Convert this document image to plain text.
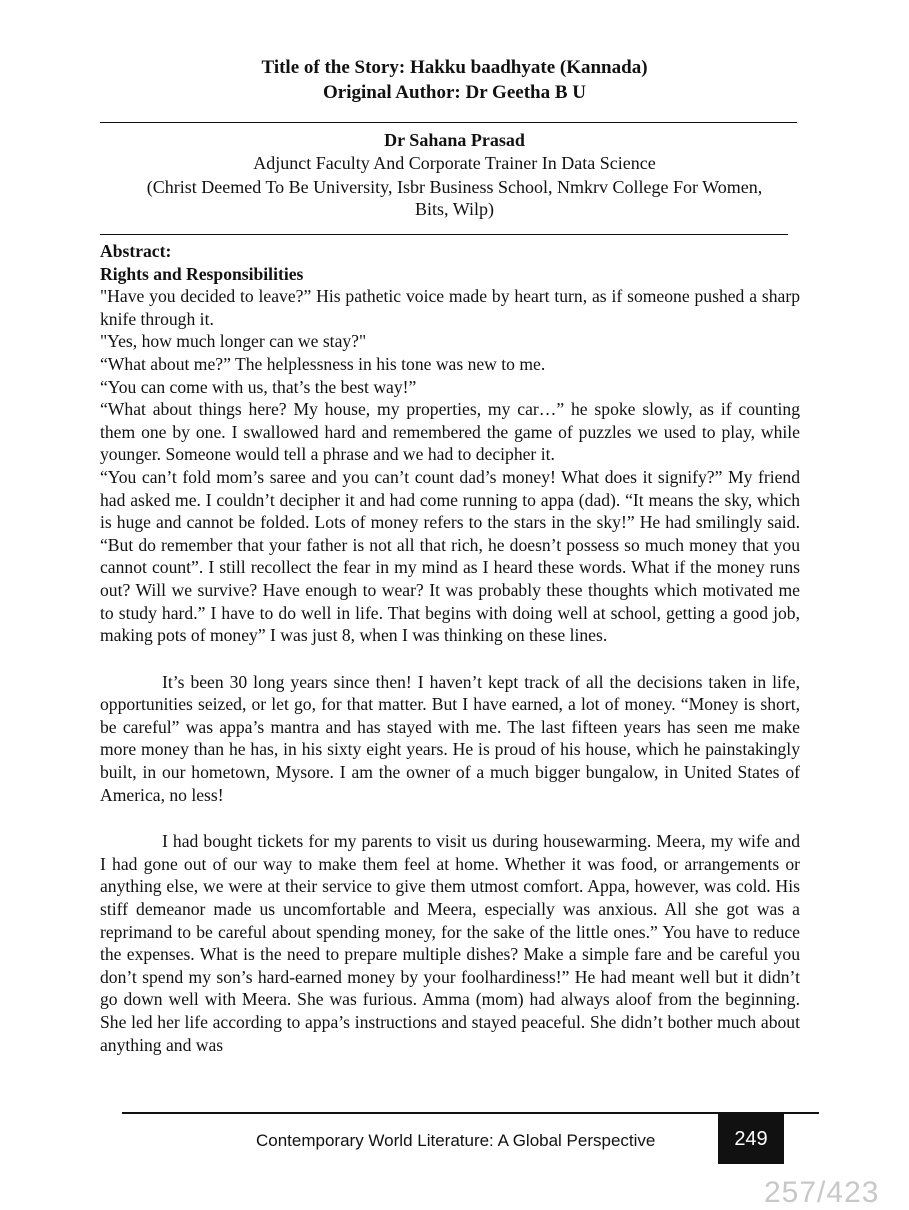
Title of the Story: Hakku baadhyate (Kannada)
Original Author: Dr Geetha B U
Dr Sahana Prasad
Adjunct Faculty And Corporate Trainer In Data Science
(Christ Deemed To Be University, Isbr Business School, Nmkrv College For Women,
Bits, Wilp)

Abstract:

Rights and Responsibilities

"Have you decided to leave?” His pathetic voice made by heart turn, as if someone pushed a sharp knife through it.

"Yes, how much longer can we stay?"

“What about me?” The helplessness in his tone was new to me.

“You can come with us, that’s the best way!”

“What about things here? My house, my properties, my car…” he spoke slowly, as if counting them one by one. I swallowed hard and remembered the game of puzzles we used to play, while younger. Someone would tell a phrase and we had to decipher it.

“You can’t fold mom’s saree and you can’t count dad’s money! What does it signify?” My friend had asked me. I couldn’t decipher it and had come running to appa (dad). “It means the sky, which is huge and cannot be folded. Lots of money refers to the stars in the sky!” He had smilingly said. “But do remember that your father is not all that rich, he doesn’t possess so much money that you cannot count”. I still recollect the fear in my mind as I heard these words. What if the money runs out? Will we survive? Have enough to wear? It was probably these thoughts which motivated me to study hard.” I have to do well in life. That begins with doing well at school, getting a good job, making pots of money” I was just 8, when I was thinking on these lines.

It’s been 30 long years since then! I haven’t kept track of all the decisions taken in life, opportunities seized, or let go, for that matter. But I have earned, a lot of money. “Money is short, be careful” was appa’s mantra and has stayed with me. The last fifteen years has seen me make more money than he has, in his sixty eight years. He is proud of his house, which he painstakingly built, in our hometown, Mysore. I am the owner of a much bigger bungalow, in United States of America, no less!

I had bought tickets for my parents to visit us during housewarming. Meera, my wife and I had gone out of our way to make them feel at home. Whether it was food, or arrangements or anything else, we were at their service to give them utmost comfort. Appa, however, was cold. His stiff demeanor made us uncomfortable and Meera, especially was anxious. All she got was a reprimand to be careful about spending money, for the sake of the little ones.” You have to reduce the expenses. What is the need to prepare multiple dishes? Make a simple fare and be careful you don’t spend my son’s hard-earned money by your foolhardiness!” He had meant well but it didn’t go down well with Meera. She was furious. Amma (mom) had always aloof from the beginning. She led her life according to appa’s instructions and stayed peaceful. She didn’t bother much about anything and was

Contemporary World Literature: A Global Perspective	249
257/423
